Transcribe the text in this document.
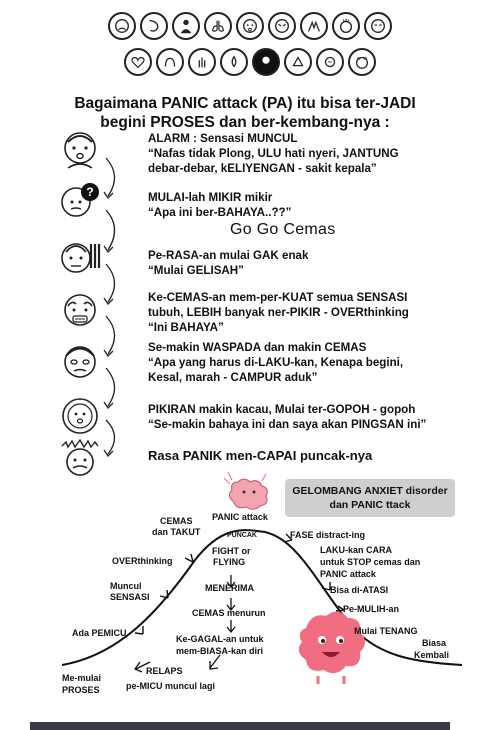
Bagaimana PANIC attack (PA) itu bisa ter-JADI
begini PROSES dan ber-kembang-nya :
?
ALARM : Sensasi MUNCUL
“Nafas tidak Plong, ULU hati nyeri, JANTUNG
debar-debar, kELIYENGAN - sakit kepala”
MULAI-lah MIKIR mikir
“Apa ini ber-BAHAYA..??”
Go Go Cemas
Pe-RASA-an mulai GAK enak
“Mulai GELISAH”
Ke-CEMAS-an mem-per-KUAT semua SENSASI
tubuh, LEBIH banyak ner-PIKIR - OVERthinking
“Ini BAHAYA”
Se-makin WASPADA dan makin CEMAS
“Apa yang harus di-LAKU-kan, Kenapa begini,
Kesal, marah - CAMPUR aduk”
PIKIRAN makin kacau, Mulai ter-GOPOH - gopoh
“Se-makin bahaya ini dan saya akan PINGSAN ini”
Rasa PANIK men-CAPAI puncak-nya
GELOMBANG ANXIET disorder
dan PANIC ttack
CEMAS
dan TAKUT
PANIC attack
PUNCAK	FASE distract-ing
FIGHT or
FLYING
LAKU-kan CARA
untuk STOP cemas dan
PANIC attack
OVERthinking
Muncul
SENSASI
MENERIMA	Bisa di-ATASI
CEMAS menurun	Pe-MULIH-an
Ada PEMICU
Ke-GAGAL-an untuk
mem-BIASA-kan diri
Mulai TENANG
Biasa
Kembali
RELAPS
pe-MICU muncul lagi
Me-mulai
PROSES
